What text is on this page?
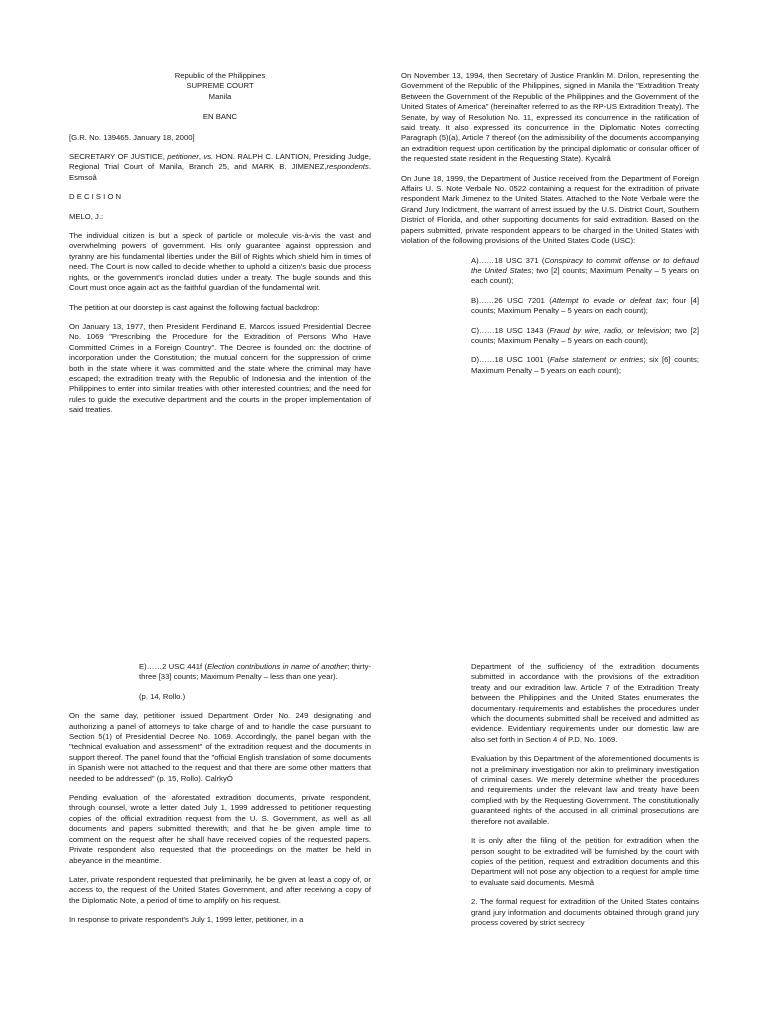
Republic of the Philippines
SUPREME COURT
Manila
EN BANC

[G.R. No. 139465. January 18, 2000]

SECRETARY OF JUSTICE, petitioner, vs. HON. RALPH C. LANTION, Presiding Judge, Regional Trial Court of Manila, Branch 25, and MARK B. JIMENEZ,respondents. Esmsoâ

D E C I S I O N

MELO, J.:

The individual citizen is but a speck of particle or molecule vis-à-vis the vast and overwhelming powers of government. His only guarantee against oppression and tyranny are his fundamental liberties under the Bill of Rights which shield him in times of need. The Court is now called to decide whether to uphold a citizen's basic due process rights, or the government's ironclad duties under a treaty. The bugle sounds and this Court must once again act as the faithful guardian of the fundamental writ.

The petition at our doorstep is cast against the following factual backdrop:

On January 13, 1977, then President Ferdinand E. Marcos issued Presidential Decree No. 1069 "Prescribing the Procedure for the Extradition of Persons Who Have Committed Crimes in a Foreign Country". The Decree is founded on: the doctrine of incorporation under the Constitution; the mutual concern for the suppression of crime both in the state where it was committed and the state where the criminal may have escaped; the extradition treaty with the Republic of Indonesia and the intention of the Philippines to enter into similar treaties with other interested countries; and the need for rules to guide the executive department and the courts in the proper implementation of said treaties.

On November 13, 1994, then Secretary of Justice Franklin M. Drilon, representing the Government of the Republic of the Philippines, signed in Manila the "Extradition Treaty Between the Government of the Republic of the Philippines and the Government of the United States of America" (hereinafter referred to as the RP-US Extradition Treaty). The Senate, by way of Resolution No. 11, expressed its concurrence in the ratification of said treaty. It also expressed its concurrence in the Diplomatic Notes correcting Paragraph (5)(a), Article 7 thereof (on the admissibility of the documents accompanying an extradition request upon certification by the principal diplomatic or consular officer of the requested state resident in the Requesting State). Kycalrâ

On June 18, 1999, the Department of Justice received from the Department of Foreign Affairs U. S. Note Verbale No. 0522 containing a request for the extradition of private respondent Mark Jimenez to the United States. Attached to the Note Verbale were the Grand Jury Indictment, the warrant of arrest issued by the U.S. District Court, Southern District of Florida, and other supporting documents for said extradition. Based on the papers submitted, private respondent appears to be charged in the United States with violation of the following provisions of the United States Code (USC):

A)……18 USC 371 (Conspiracy to commit offense or to defraud the United States; two [2] counts; Maximum Penalty – 5 years on each count);

B)……26 USC 7201 (Attempt to evade or defeat tax; four [4] counts; Maximum Penalty – 5 years on each count);

C)……18 USC 1343 (Fraud by wire, radio, or television; two [2] counts; Maximum Penalty – 5 years on each count);

D)……18 USC 1001 (False statement or entries; six [6] counts; Maximum Penalty – 5 years on each count);

E)……2 USC 441f (Election contributions in name of another; thirty-three [33] counts; Maximum Penalty – less than one year).

(p. 14, Rollo.)

On the same day, petitioner issued Department Order No. 249 designating and authorizing a panel of attorneys to take charge of and to handle the case pursuant to Section 5(1) of Presidential Decree No. 1069. Accordingly, the panel began with the "technical evaluation and assessment" of the extradition request and the documents in support thereof. The panel found that the "official English translation of some documents in Spanish were not attached to the request and that there are some other matters that needed to be addressed" (p. 15, Rollo). CalrkyÓ

Pending evaluation of the aforestated extradition documents, private respondent, through counsel, wrote a letter dated July 1, 1999 addressed to petitioner requesting copies of the official extradition request from the U. S. Government, as well as all documents and papers submitted therewith; and that he be given ample time to comment on the request after he shall have received copies of the requested papers. Private respondent also requested that the proceedings on the matter be held in abeyance in the meantime.

Later, private respondent requested that preliminarily, he be given at least a copy of, or access to, the request of the United States Government, and after receiving a copy of the Diplomatic Note, a period of time to amplify on his request.

In response to private respondent's July 1, 1999 letter, petitioner, in a

Department of the sufficiency of the extradition documents submitted in accordance with the provisions of the extradition treaty and our extradition law. Article 7 of the Extradition Treaty between the Philippines and the United States enumerates the documentary requirements and establishes the procedures under which the documents submitted shall be received and admitted as evidence. Evidentiary requirements under our domestic law are also set forth in Section 4 of P.D. No. 1069.

Evaluation by this Department of the aforementioned documents is not a preliminary investigation nor akin to preliminary investigation of criminal cases. We merely determine whether the procedures and requirements under the relevant law and treaty have been complied with by the Requesting Government. The constitutionally guaranteed rights of the accused in all criminal prosecutions are therefore not available.

It is only after the filing of the petition for extradition when the person sought to be extradited will be furnished by the court with copies of the petition, request and extradition documents and this Department will not pose any objection to a request for ample time to evaluate said documents. Mesmâ

2. The formal request for extradition of the United States contains grand jury information and documents obtained through grand jury process covered by strict secrecy
